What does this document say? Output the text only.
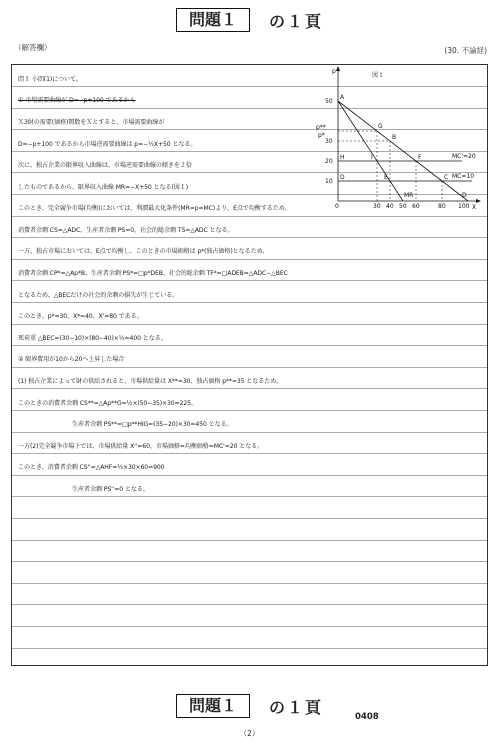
問題１ の１頁
（解答欄）	(30. 不論経)
問１ 小問(1)について。
① 市場需要曲線が D=−p+100 であるから
Ｘ3財の需要(価格)関数をＸとすると、市場需要曲線が
D=−p+100 であるから市場逆需要曲線は p=−½X+50 となる。
次に、独占企業の限界収入曲線は、市場逆需要曲線の傾きを２倍
したものであるから、限界収入曲線 MR=−X+50 となる(図１)
このとき、完全競争市場(均衡)においては、利潤最大化条件(MR=p=MC)より、E点で均衡するため、
消費者余剰 CS=△ADC、生産者余剰 PS=0、社会的総余剰 TS=△ADC となる。
一方、独占市場においては、E点で均衡し、このときの市場価格は p*(独占価格)となるため、
消費者余剰 CP*=△Ap*B、生産者余剰 PS*=□p*DEB、社会的総余剰 TF*=□ADEB=△ADC−△BEC
となるため、△BECだけの社会的余剰の損失が生じている。
このとき、p*=30、X*=40、X'=80 である。
死荷重 △BEC=(30−10)×(80−40)×½=400 となる。
② 限界費用が10から20へ上昇した場合
(1) 独占企業によって財の供給されると、市場供給量は X**=30、独占価格 p**=35 となるため、
このときの消費者余剰 CS**=△Ap**G=½×(50−35)×30=225、
生産者余剰 PS**=□p**HIG=(35−20)×30=450 となる。
一方(2)完全競争市場下では、市場供給量 X''=60、市場価格=均衡価格=MC'=20 となる。
このとき、消費者余剰 CS''=△AHF=½×30×60=900
生産者余剰 PS''=0 となる。
p
X
図１
A
G
B
H	I	F
D	E	C
50
30
20
10
p*
p**
0	30 40 50 60	80 100
MC'=20
MC=10
MR	D
問題１ の１頁
0408
（2）
